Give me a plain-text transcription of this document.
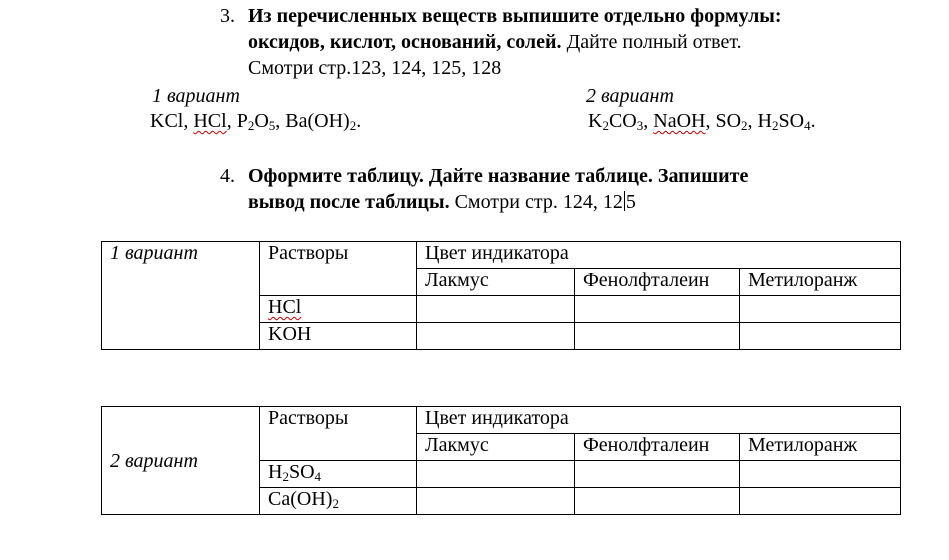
3. Из перечисленных веществ выпишите отдельно формулы:
оксидов, кислот, оснований, солей. Дайте полный ответ.
Смотри стр.123, 124, 125, 128
1 вариант	2 вариант
KCl, HCl, $P_2O_5$, $Ba(OH)_2$.	$K_2CO_3$, NaOH, $SO_2$, $H_2SO_4$.
4. Оформите таблицу. Дайте название таблице. Запишите
вывод после таблицы. Смотри стр. 124, 12 5
1 вариант	Растворы	Цвет индикатора		
		Лакмус	Фенолфталеин	Метилоранж
	HCl			
	KOH			
2 вариант	Растворы	Цвет индикатора		
		Лакмус	Фенолфталеин	Метилоранж
	$H_2SO_4$			
	$Ca(OH)_2$			
